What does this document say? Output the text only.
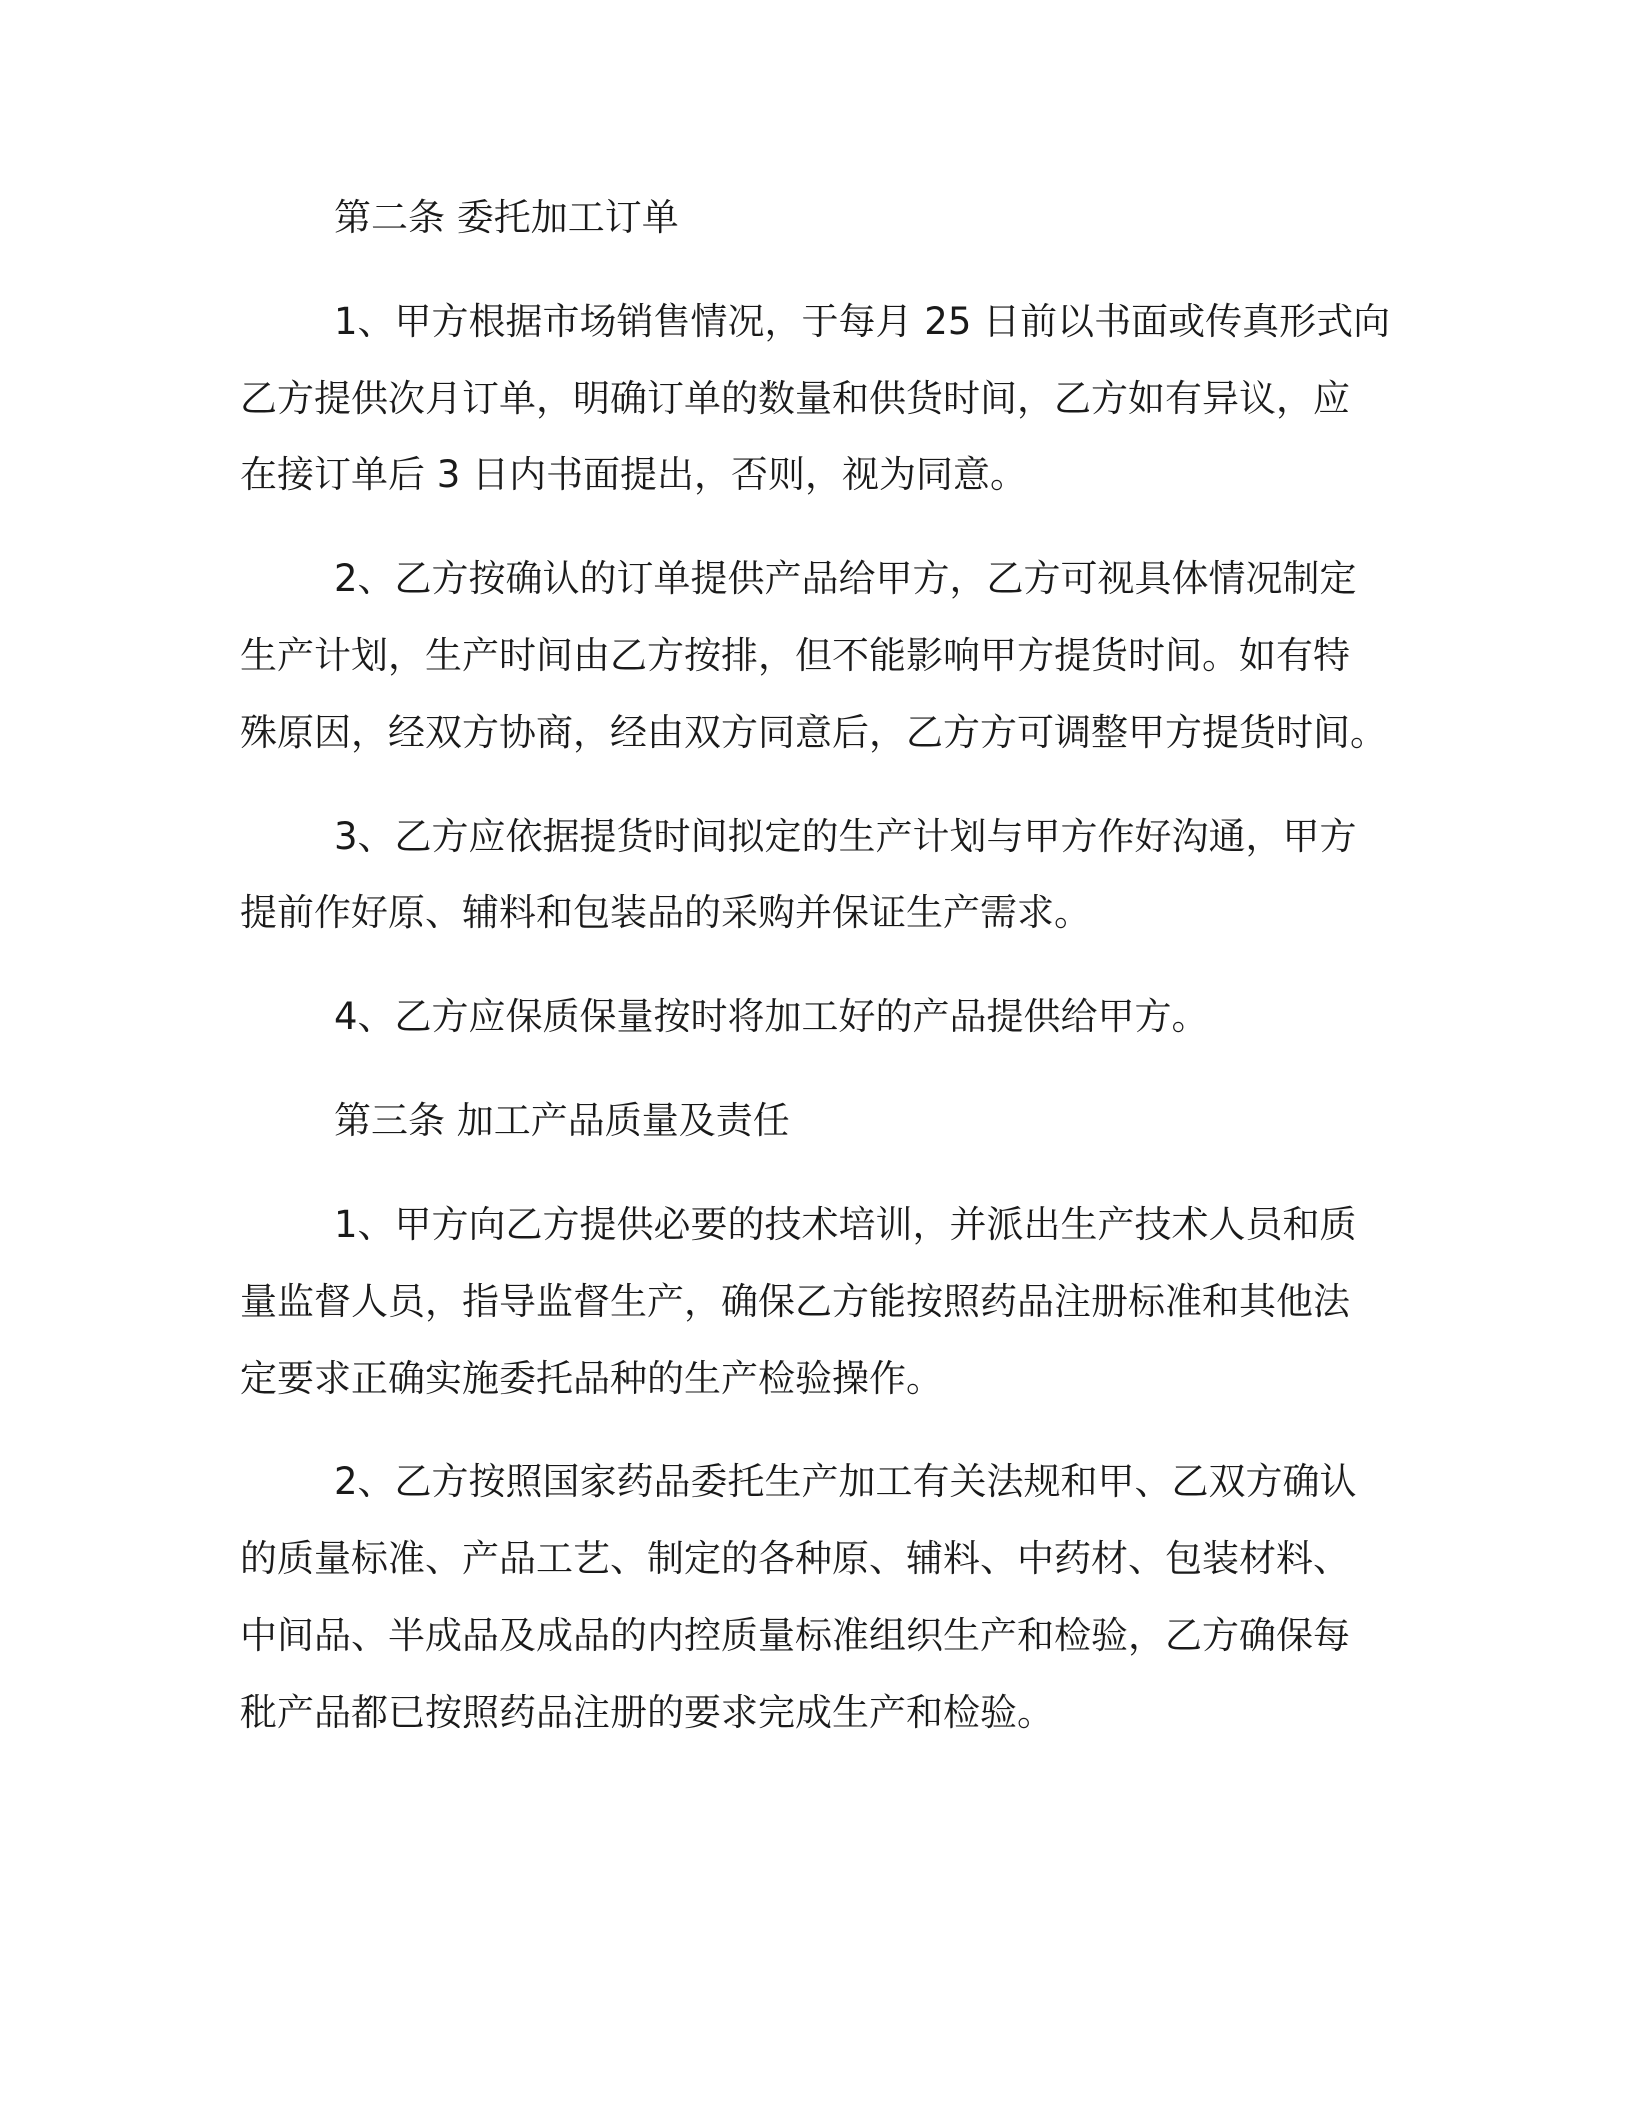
第二条 委托加工订单
1、甲方根据市场销售情况，于每月 25 日前以书面或传真形式向
乙方提供次月订单，明确订单的数量和供货时间，乙方如有异议，应
在接订单后 3 日内书面提出，否则，视为同意。
2、乙方按确认的订单提供产品给甲方，乙方可视具体情况制定
生产计划，生产时间由乙方按排，但不能影响甲方提货时间。如有特
殊原因，经双方协商，经由双方同意后，乙方方可调整甲方提货时间。
3、乙方应依据提货时间拟定的生产计划与甲方作好沟通，甲方
提前作好原、辅料和包装品的采购并保证生产需求。
4、乙方应保质保量按时将加工好的产品提供给甲方。
第三条 加工产品质量及责任
1、甲方向乙方提供必要的技术培训，并派出生产技术人员和质
量监督人员，指导监督生产，确保乙方能按照药品注册标准和其他法
定要求正确实施委托品种的生产检验操作。
2、乙方按照国家药品委托生产加工有关法规和甲、乙双方确认
的质量标准、产品工艺、制定的各种原、辅料、中药材、包装材料、
中间品、半成品及成品的内控质量标准组织生产和检验，乙方确保每
秕产品都已按照药品注册的要求完成生产和检验。
